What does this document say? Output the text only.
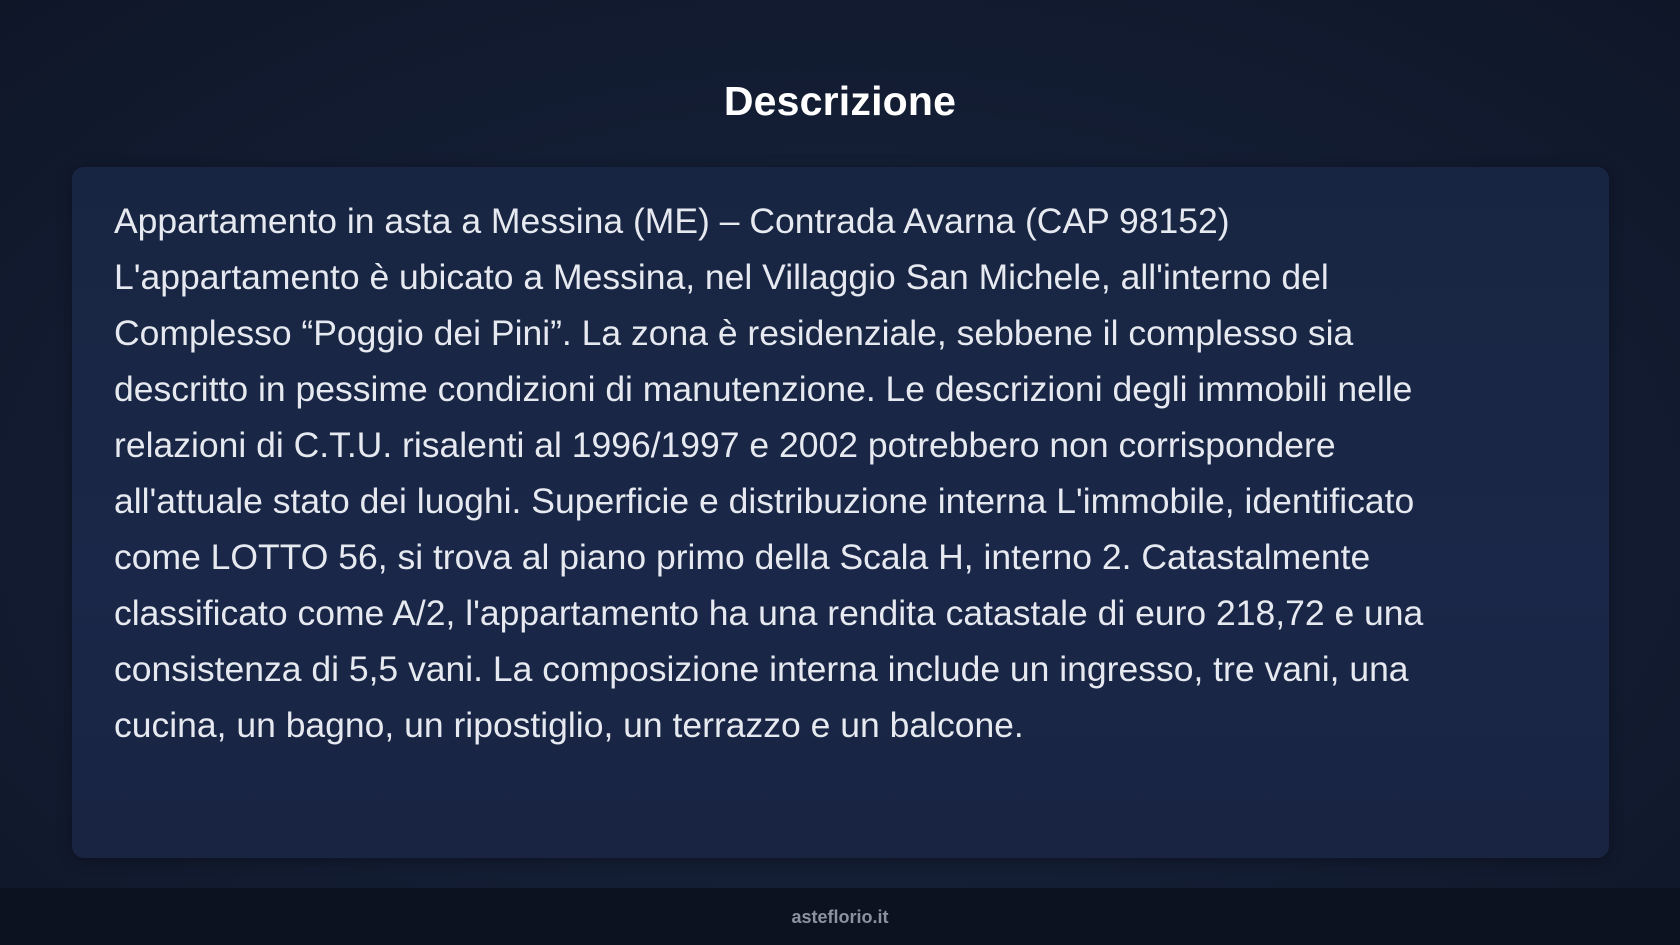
Descrizione

Appartamento in asta a Messina (ME) – Contrada Avarna (CAP 98152)
L'appartamento è ubicato a Messina, nel Villaggio San Michele, all'interno del
Complesso “Poggio dei Pini”. La zona è residenziale, sebbene il complesso sia
descritto in pessime condizioni di manutenzione. Le descrizioni degli immobili nelle
relazioni di C.T.U. risalenti al 1996/1997 e 2002 potrebbero non corrispondere
all'attuale stato dei luoghi. Superficie e distribuzione interna L'immobile, identificato
come LOTTO 56, si trova al piano primo della Scala H, interno 2. Catastalmente
classificato come A/2, l'appartamento ha una rendita catastale di euro 218,72 e una
consistenza di 5,5 vani. La composizione interna include un ingresso, tre vani, una
cucina, un bagno, un ripostiglio, un terrazzo e un balcone.

asteflorio.it
